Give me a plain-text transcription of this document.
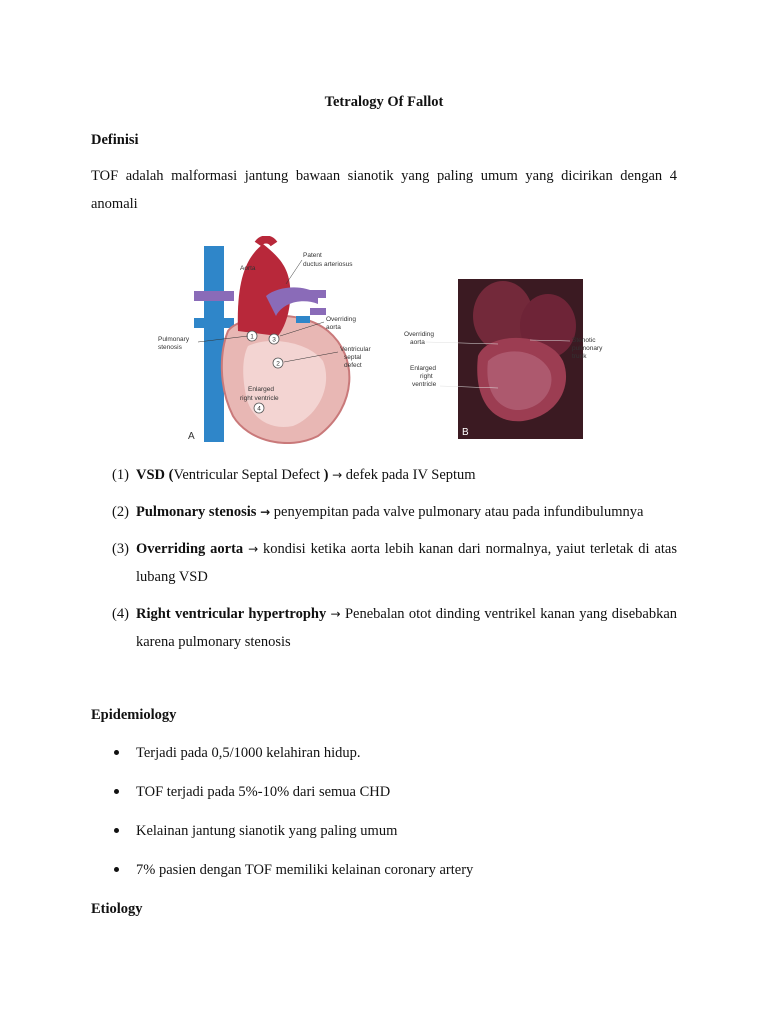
Tetralogy Of Fallot
Definisi
TOF adalah malformasi jantung bawaan sianotik yang paling umum yang dicirikan dengan 4 anomali
1
2
3
4
Aorta
Patent
ductus arteriosus
Pulmonary
stenosis
Overriding
aorta
Ventricular
septal
defect
Enlarged
right ventricle
A
Overriding
aorta
Enlarged
right
ventricle
Stenotic
pulmonary
trunk
B
(1) VSD (Ventricular Septal Defect ) → defek pada IV Septum
(2) Pulmonary stenosis → penyempitan pada valve pulmonary atau pada infundibulumnya
(3) Overriding aorta → kondisi ketika aorta lebih kanan dari normalnya, yaiut terletak di atas lubang VSD
(4) Right ventricular hypertrophy → Penebalan otot dinding ventrikel kanan yang disebabkan karena pulmonary stenosis
Epidemiology
Terjadi pada 0,5/1000 kelahiran hidup.
TOF terjadi pada 5%-10% dari semua CHD
Kelainan jantung sianotik yang paling umum
7% pasien dengan TOF memiliki kelainan coronary artery
Etiology
